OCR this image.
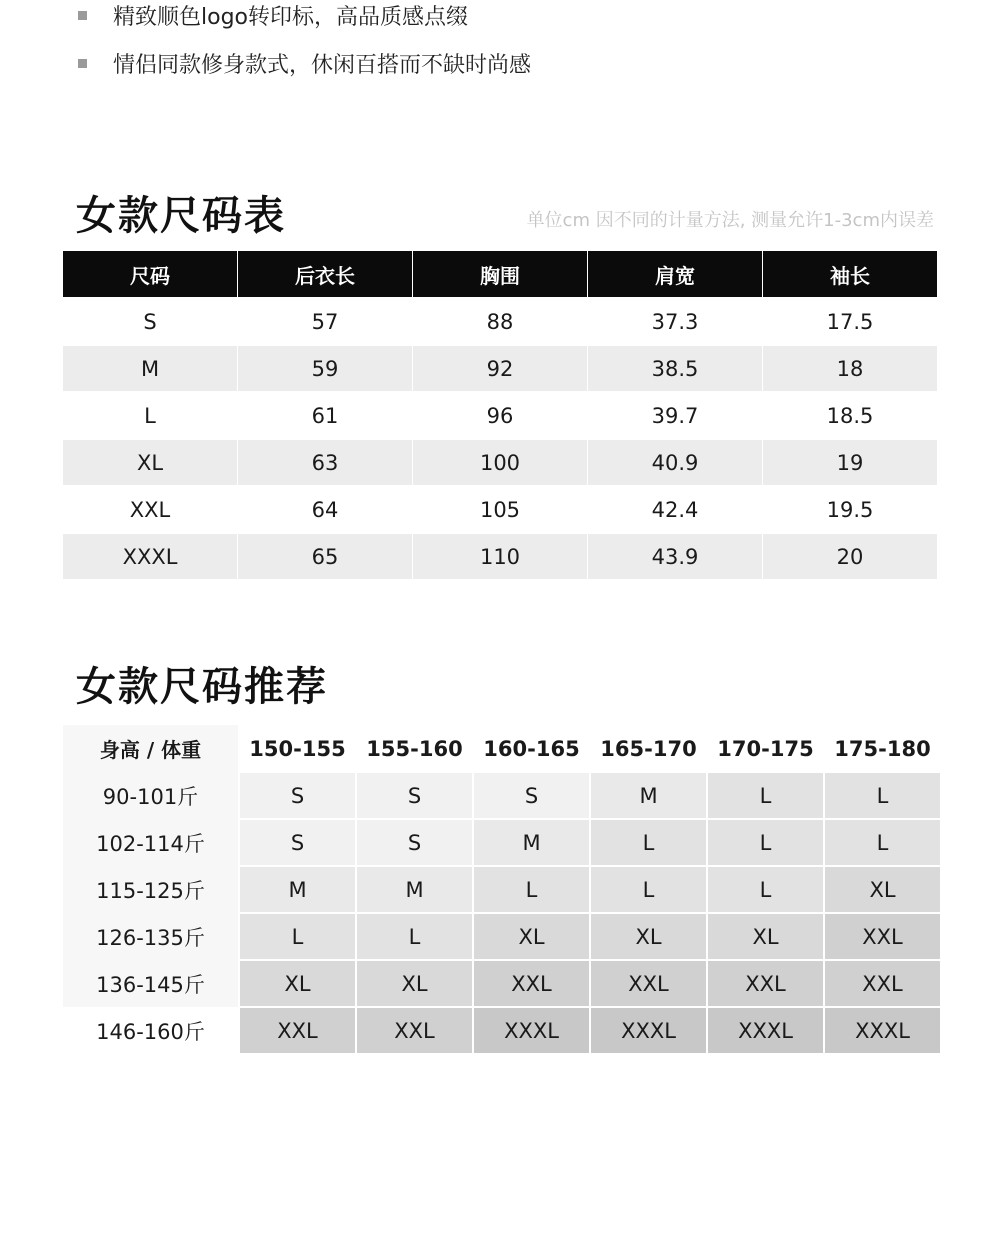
精致顺色logo转印标，高品质感点缀
情侣同款修身款式，休闲百搭而不缺时尚感
女款尺码表	单位cm 因不同的计量方法, 测量允许1-3cm内误差
尺码	后衣长	胸围	肩宽	袖长
S	57	88	37.3	17.5
M	59	92	38.5	18
L	61	96	39.7	18.5
XL	63	100	40.9	19
XXL	64	105	42.4	19.5
XXXL	65	110	43.9	20
女款尺码推荐
身高 / 体重	150-155 155-160 160-165 165-170 170-175 175-180
90-101斤	S	S	S	M	L	L
102-114斤	S	S	M	L	L	L
115-125斤	M	M	L	L	L	XL
126-135斤	L	L	XL	XL	XL	XXL
136-145斤	XL	XL	XXL	XXL	XXL	XXL
146-160斤	XXL	XXL	XXXL	XXXL	XXXL	XXXL
